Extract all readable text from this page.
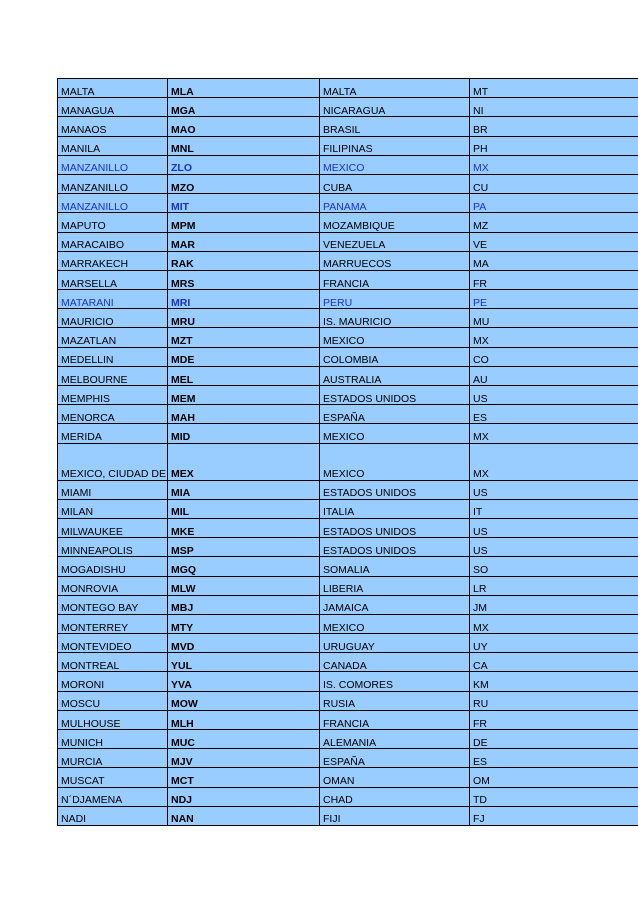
MALTA	MLA	MALTA	MT
MANAGUA	MGA	NICARAGUA	NI
MANAOS	MAO	BRASIL	BR
MANILA	MNL	FILIPINAS	PH
MANZANILLO	ZLO	MEXICO	MX
MANZANILLO	MZO	CUBA	CU
MANZANILLO	MIT	PANAMA	PA
MAPUTO	MPM	MOZAMBIQUE	MZ
MARACAIBO	MAR	VENEZUELA	VE
MARRAKECH	RAK	MARRUECOS	MA
MARSELLA	MRS	FRANCIA	FR
MATARANI	MRI	PERU	PE
MAURICIO	MRU	IS. MAURICIO	MU
MAZATLAN	MZT	MEXICO	MX
MEDELLIN	MDE	COLOMBIA	CO
MELBOURNE	MEL	AUSTRALIA	AU
MEMPHIS	MEM	ESTADOS UNIDOS	US
MENORCA	MAH	ESPAÑA	ES
MERIDA	MID	MEXICO	MX
MEXICO, CIUDAD DE	MEX	MEXICO	MX
MIAMI	MIA	ESTADOS UNIDOS	US
MILAN	MIL	ITALIA	IT
MILWAUKEE	MKE	ESTADOS UNIDOS	US
MINNEAPOLIS	MSP	ESTADOS UNIDOS	US
MOGADISHU	MGQ	SOMALIA	SO
MONROVIA	MLW	LIBERIA	LR
MONTEGO BAY	MBJ	JAMAICA	JM
MONTERREY	MTY	MEXICO	MX
MONTEVIDEO	MVD	URUGUAY	UY
MONTREAL	YUL	CANADA	CA
MORONI	YVA	IS. COMORES	KM
MOSCU	MOW	RUSIA	RU
MULHOUSE	MLH	FRANCIA	FR
MUNICH	MUC	ALEMANIA	DE
MURCIA	MJV	ESPAÑA	ES
MUSCAT	MCT	OMAN	OM
N´DJAMENA	NDJ	CHAD	TD
NADI	NAN	FIJI	FJ
